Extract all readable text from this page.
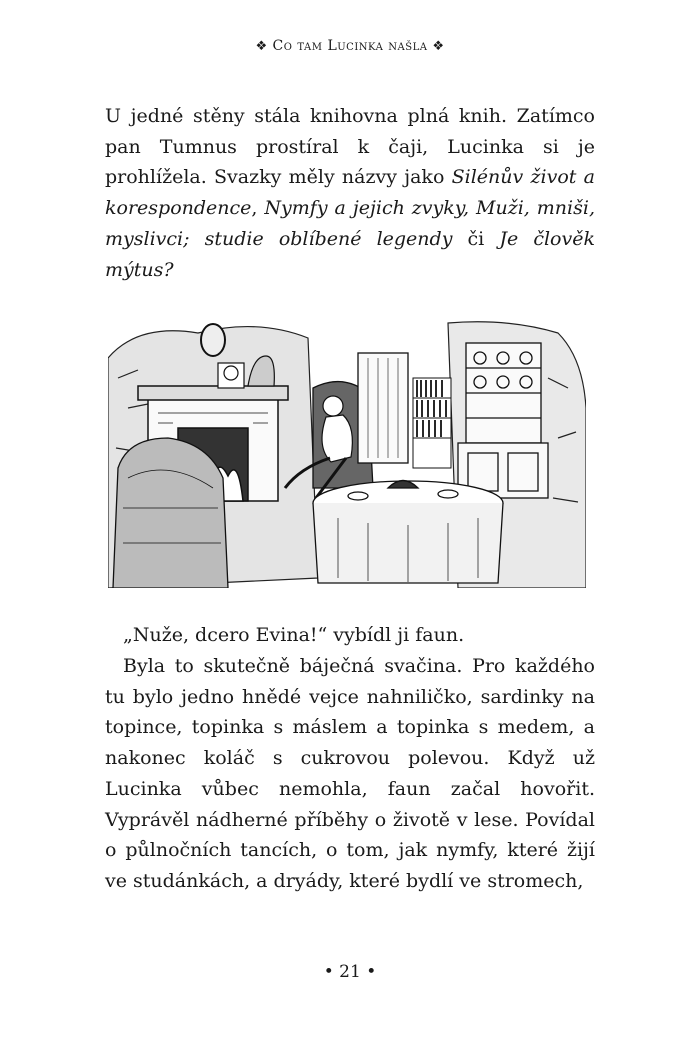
❖ Co tam Lucinka našla ❖

U jedné stěny stála knihovna plná knih. Zatímco pan Tumnus prostíral k čaji, Lucinka si je prohlížela. Svazky měly názvy jako Silénův život a korespondence, Nymfy a jejich zvyky, Muži, mniši, myslivci; studie oblíbené legendy či Je člověk mýtus?

„Nuže, dcero Evina!“ vybídl ji faun.

Byla to skutečně báječná svačina. Pro každého tu bylo jedno hnědé vejce nahniličko, sardinky na topince, topinka s máslem a topinka s medem, a nakonec koláč s cukrovou polevou. Když už Lucinka vůbec nemohla, faun začal hovořit. Vyprávěl nádherné příběhy o životě v lese. Povídal o půlnočních tancích, o tom, jak nymfy, které žijí ve studánkách, a dryády, které bydlí ve stromech,

• 21 •
